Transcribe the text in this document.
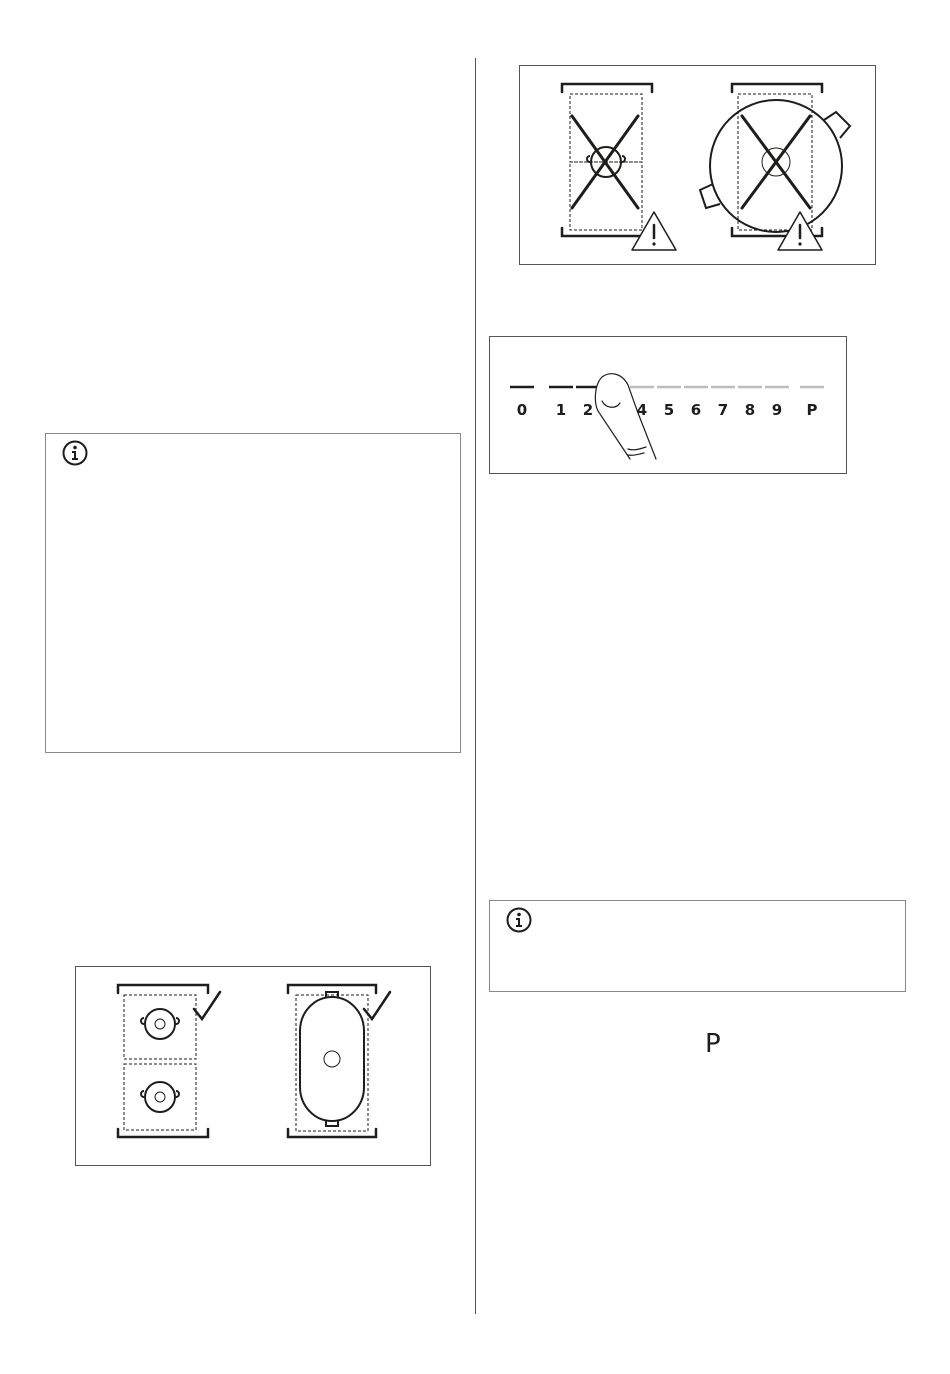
0 1 2	4 5 6 7 8 9 P
P
